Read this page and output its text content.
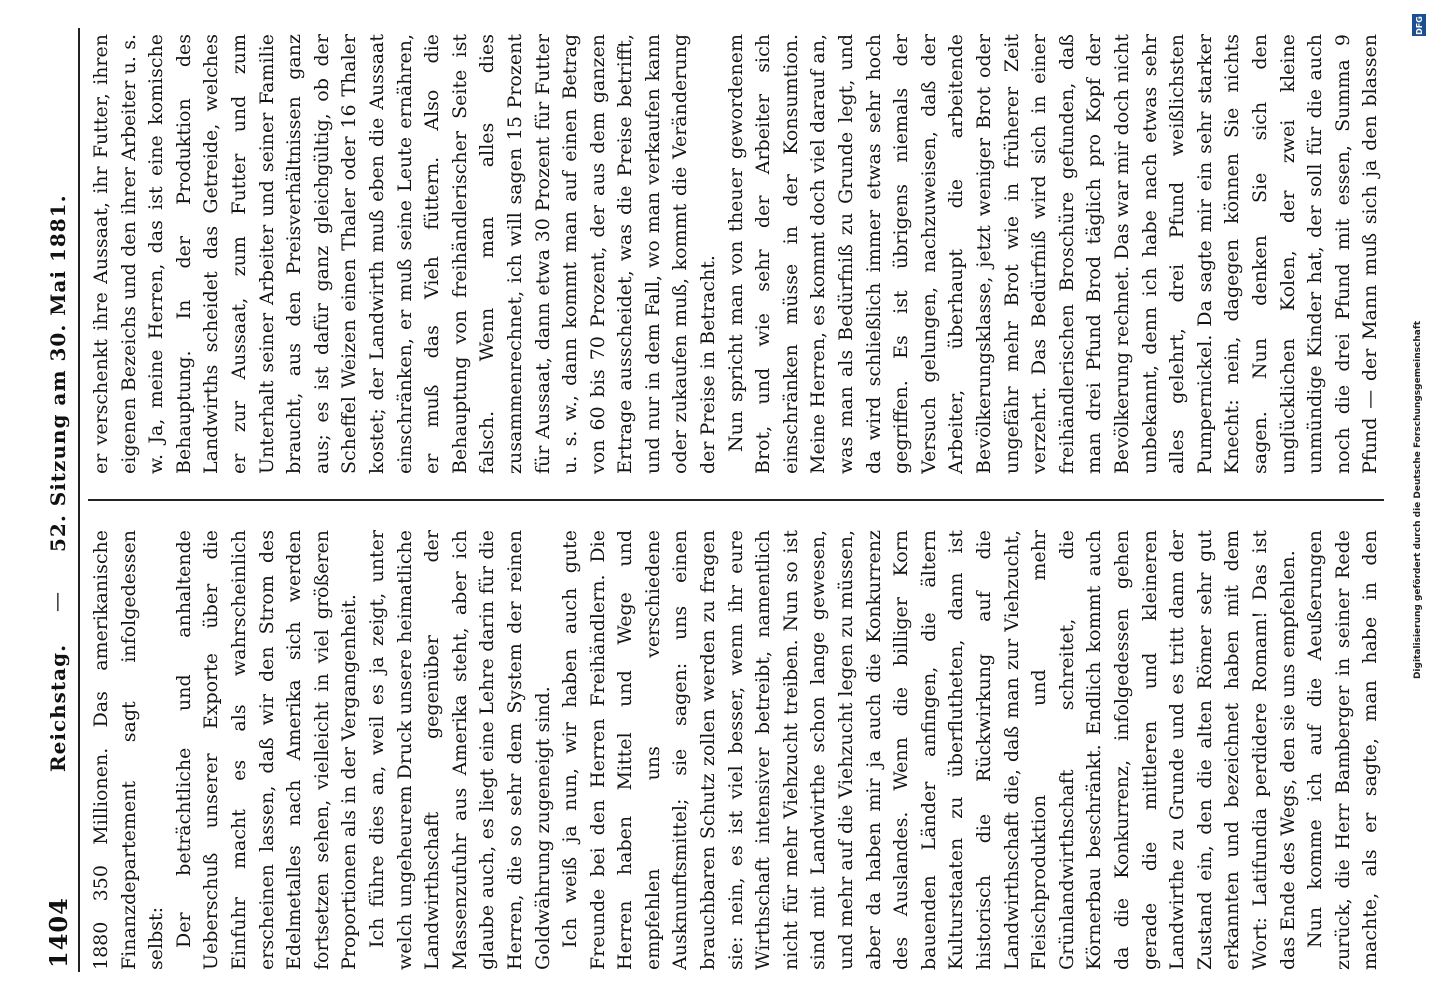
1404
Reichstag.
—
52. Sitzung am 30. Mai 1881.

1880 350 Millionen. Das amerikanische Finanzdepartement sagt infolgedessen selbst: Der beträchtliche und anhaltende Ueberschuß unserer Exporte über die Einfuhr macht es als wahrscheinlich erscheinen lassen, daß wir den Strom des Edelmetalles nach Amerika sich werden fortsetzen sehen, vielleicht in viel größeren Proportionen als in der Vergangenheit. Ich führe dies an, weil es ja zeigt, unter welch ungeheurem Druck unsere heimatliche Landwirthschaft gegenüber der Massenzufuhr aus Amerika steht, aber ich glaube auch, es liegt eine Lehre darin für die Herren, die so sehr dem System der reinen Goldwährung zugeneigt sind. Ich weiß ja nun, wir haben auch gute Freunde bei den Herren Freihändlern. Die Herren haben Mittel und Wege und empfehlen uns verschiedene Ausknunftsmittel; sie sagen: uns einen brauchbaren Schutz zollen werden zu fragen sie: nein, es ist viel besser, wenn ihr eure Wirthschaft intensiver betreibt, namentlich nicht für mehr Viehzucht treiben. Nun so ist sind mit Landwirthe schon lange gewesen, und mehr auf die Viehzucht legen zu müssen, aber da haben mir ja auch die Konkurrenz des Auslandes. Wenn die billiger Korn bauenden Länder anfingen, die ältern Kulturstaaten zu überflutheten, dann ist historisch die Rückwirkung auf die Landwirthschaft die, daß man zur Viehzucht, Fleischproduktion und mehr Grünlandwirthschaft schreitet, die Körnerbau beschränkt. Endlich kommt auch da die Konkurrenz, infolgedessen gehen gerade die mittleren und kleineren Landwirthe zu Grunde und es tritt dann der Zustand ein, den die alten Römer sehr gut erkannten und bezeichnet haben mit dem Wort: Latifundia perdidere Romam! Das ist das Ende des Wegs, den sie uns empfehlen. Nun komme ich auf die Aeußerungen zurück, die Herr Bamberger in seiner Rede machte, als er sagte, man habe in den

er verschenkt ihre Aussaat, ihr Futter, ihren eigenen Bezeichs und den ihrer Arbeiter u. s. w. Ja, meine Herren, das ist eine komische Behauptung. In der Produktion des Landwirths scheidet das Getreide, welches er zur Aussaat, zum Futter und zum Unterhalt seiner Arbeiter und seiner Familie braucht, aus den Preisverhältnissen ganz aus; es ist dafür ganz gleichgültig, ob der Scheffel Weizen einen Thaler oder 16 Thaler kostet; der Landwirth muß eben die Aussaat einschränken, er muß seine Leute ernähren, er muß das Vieh füttern. Also die Behauptung von freihändlerischer Seite ist falsch. Wenn man alles dies zusammenrechnet, ich will sagen 15 Prozent für Aussaat, dann etwa 30 Prozent für Futter u. s. w., dann kommt man auf einen Betrag von 60 bis 70 Prozent, der aus dem ganzen Ertrage ausscheidet, was die Preise betrifft, und nur in dem Fall, wo man verkaufen kann oder zukaufen muß, kommt die Veränderung der Preise in Betracht. Nun spricht man von theuer gewordenem Brot, und wie sehr der Arbeiter sich einschränken müsse in der Konsumtion. Meine Herren, es kommt doch viel darauf an, was man als Bedürfniß zu Grunde legt, und da wird schließlich immer etwas sehr hoch gegriffen. Es ist übrigens niemals der Versuch gelungen, nachzuweisen, daß der Arbeiter, überhaupt die arbeitende Bevölkerungsklasse, jetzt weniger Brot oder ungefähr mehr Brot wie in früherer Zeit verzehrt. Das Bedürfniß wird sich in einer freihändlerischen Broschüre gefunden, daß man drei Pfund Brod täglich pro Kopf der Bevölkerung rechnet. Das war mir doch nicht unbekannt, denn ich habe nach etwas sehr alles gelehrt, drei Pfund weißlichsten Pumpernickel. Da sagte mir ein sehr starker Knecht: nein, dagegen können Sie nichts sagen. Nun denken Sie sich den unglücklichen Kolen, der zwei kleine unmündige Kinder hat, der soll für die auch noch die drei Pfund mit essen, Summa 9 Pfund — der Mann muß sich ja den blassen

Digitalisierung gefördert durch die Deutsche Forschungsgemeinschaft
DFG
